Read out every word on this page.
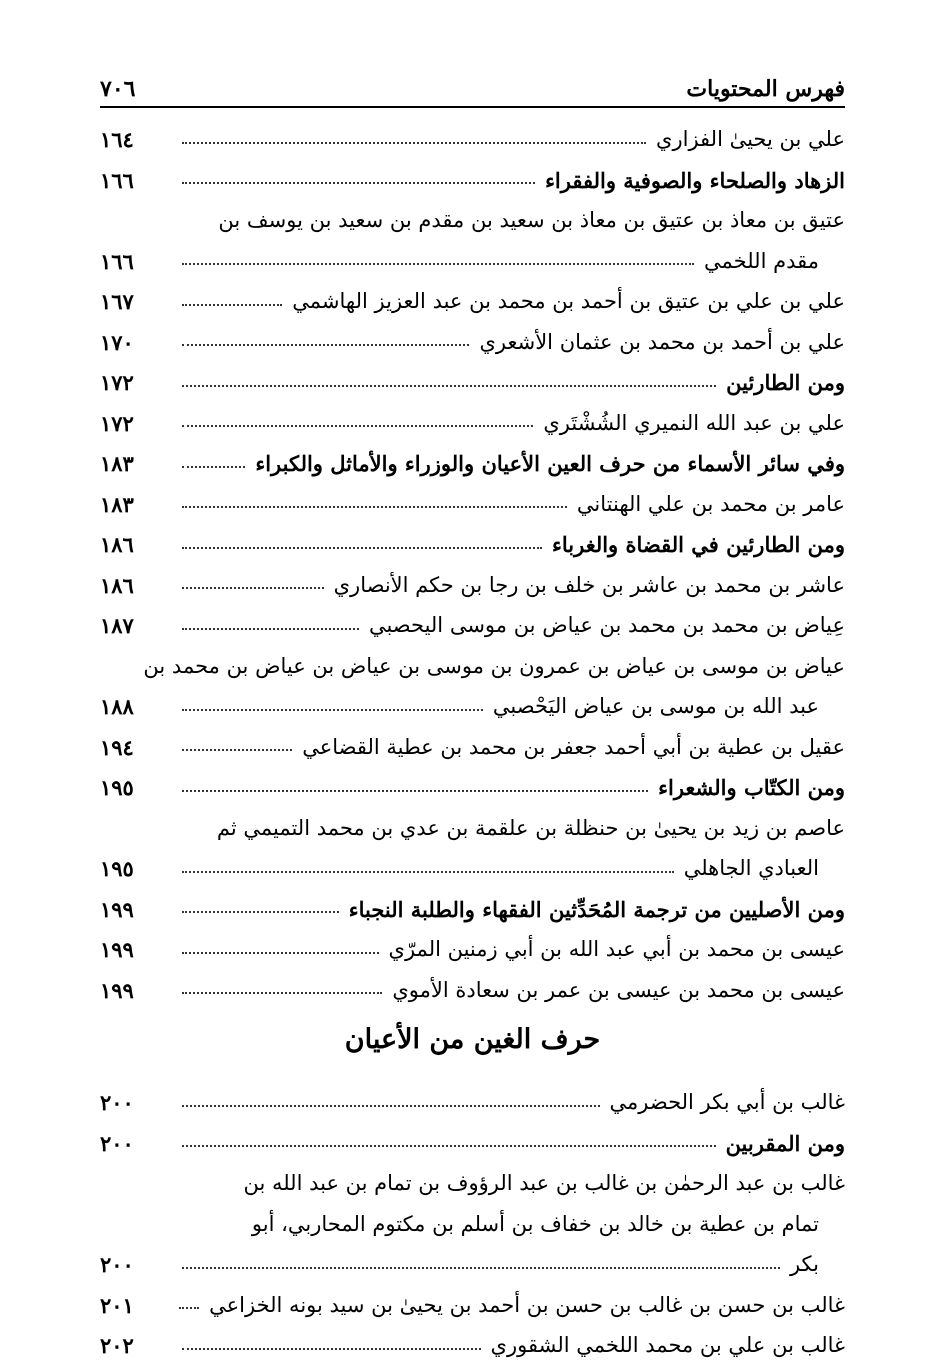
فهرس المحتويات
٧٠٦
علي بن يحيىٰ الفزاري
١٦٤
الزهاد والصلحاء والصوفية والفقراء
١٦٦
عتيق بن معاذ بن عتيق بن معاذ بن سعيد بن مقدم بن سعيد بن يوسف بن
مقدم اللخمي
١٦٦
علي بن علي بن عتيق بن أحمد بن محمد بن عبد العزيز الهاشمي
١٦٧
علي بن أحمد بن محمد بن عثمان الأشعري
١٧٠
ومن الطارئين
١٧٢
علي بن عبد الله النميري الشُشْتَري
١٧٢
وفي سائر الأسماء من حرف العين الأعيان والوزراء والأماثل والكبراء
١٨٣
عامر بن محمد بن علي الهنتاني
١٨٣
ومن الطارئين في القضاة والغرباء
١٨٦
عاشر بن محمد بن عاشر بن خلف بن رجا بن حكم الأنصاري
١٨٦
عِياض بن محمد بن محمد بن عياض بن موسى اليحصبي
١٨٧
عياض بن موسى بن عياض بن عمرون بن موسى بن عياض بن عياض بن محمد بن
عبد الله بن موسى بن عياض اليَحْصبي
١٨٨
عقيل بن عطية بن أبي أحمد جعفر بن محمد بن عطية القضاعي
١٩٤
ومن الكتّاب والشعراء
١٩٥
عاصم بن زيد بن يحيىٰ بن حنظلة بن علقمة بن عدي بن محمد التميمي ثم
العبادي الجاهلي
١٩٥
ومن الأصليين من ترجمة المُحَدِّثين الفقهاء والطلبة النجباء
١٩٩
عيسى بن محمد بن أبي عبد الله بن أبي زمنين المرّي
١٩٩
عيسى بن محمد بن عيسى بن عمر بن سعادة الأموي
١٩٩
حرف الغين من الأعيان
غالب بن أبي بكر الحضرمي
٢٠٠
ومن المقربين
٢٠٠
غالب بن عبد الرحمٰن بن غالب بن عبد الرؤوف بن تمام بن عبد الله بن
تمام بن عطية بن خالد بن خفاف بن أسلم بن مكتوم المحاربي، أبو
بكر
٢٠٠
غالب بن حسن بن غالب بن حسن بن أحمد بن يحيىٰ بن سيد بونه الخزاعي
٢٠١
غالب بن علي بن محمد اللخمي الشقوري
٢٠٢
